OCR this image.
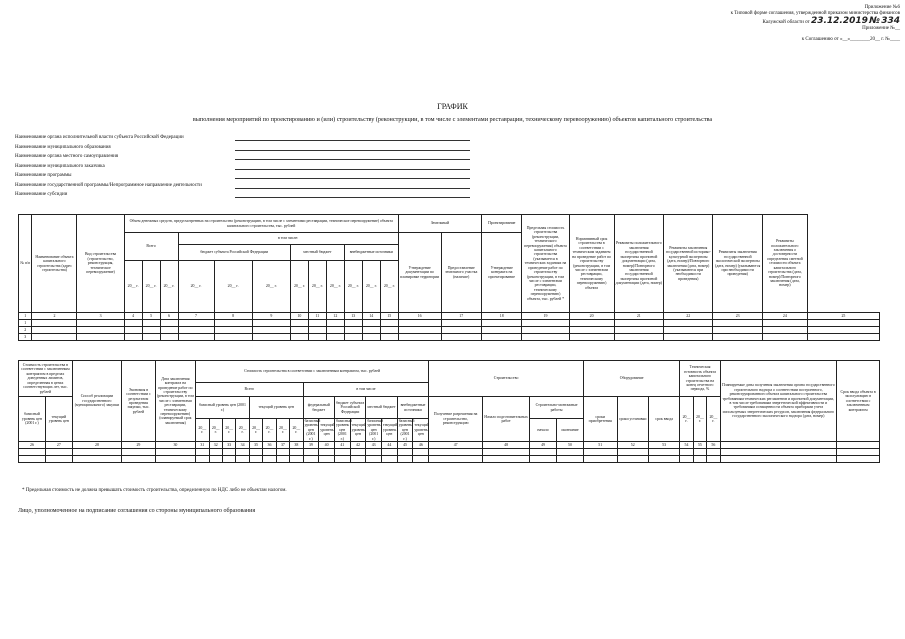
Приложение №6
к Типовой форме соглашения, утвержденной приказом министерства финансов
Калужской области от 23.12.2019 № 334
Приложение №__
к Соглашению от «__»________20__ г. №____
ГРАФИК
выполнения мероприятий по проектированию и (или) строительству (реконструкции, в том числе с элементами реставрации, техническому перевооружению) объектов капитального строительства
Наименование органа исполнительной власти субъекта Российской Федерации
Наименование муниципального образования
Наименование органа местного самоуправления
Наименование муниципального заказчика
Наименование программы
Наименование государственной программы/Непрограммное направление деятельности
Наименование субсидии
№ п/п	Наименование объекта капитального строительства (адрес строительства)	Вид строительства (строительство, реконструкция, техническое перевооружение)	Объем денежных средств, предусмотренных на строительство (реконструкцию, в том числе с элементами реставрации, техническое перевооружение) объекта капитального строительства, тыс. рублей												Земельный		Проектирование	Предельная стоимость строительства (реконструкции, технического перевооружения) объекта капитального строительства (указывается в технических заданиях на проведение работ по строительству (реконструкции, в том числе с элементами реставрации, техническому перевооружению) объекта, тыс. рублей *	Нормативный срок строительства в соответствии с техническим заданием на проведение работ по строительству (реконструкции, в том числе с элементами реставрации, техническому перевооружению) объекта	Реквизиты положительного заключения государственной экспертизы проектной документации (дата, номер)/Повторного заключения государственной экспертизы проектной документации (дата, номер)	Реквизиты заключения государственной историко-культурной экспертизы (дата, номер)/Повторного заключения (дата, номер) (указываются при необходимости проведения)	Реквизиты заключения государственной экологической экспертизы (дата, номер) (указываются при необходимости проведения)	Реквизиты положительного заключения о достоверности определения сметной стоимости объекта капитального строительства (дата, номер)/Повторного заключения (дата, номер)	
			Всего			в том числе:									Утверждение документации по планировке территории	Предоставление земельного участка (наличие)	Утверждение контракта на проектирование							
						бюджет субъекта Российской Федерации			местный бюджет			внебюджетные источники												
			20__ г.	20__ г.	20__ г.	20__ г.	20__ г.	20__ г.	20__ г.	20__ г.	20__ г.	20__ г.	20__ г.	20__ г.										
1	2	3	4	5	6	7	8	9	10	11	12	13	14	15	16	17	18	19	20	21	22	23	24	25
1																								
2																								
3																								
Стоимость строительства в соответствии с заключенным контрактом в пределах доведенных лимитов, определенная в ценах соответствующих лет, тыс. рублей		Способ реализации государственного (муниципального) закупки	Экономия в соответствии с результатом проведения закупки, тыс. рублей	Дата заключения контракта на проведение работ по строительству (реконструкции, в том числе с элементами реставрации, техническому перевооружению) (планируемый срок заключения)	Стоимость строительства в соответствии с заключенным контрактом, тыс. рублей																Строительство				Оборудование			Техническая готовность объекта капитального строительства на конец отчетного периода, %			Планируемые даты получения заключения органа государственного строительного надзора о соответствии построенного, реконструированного объекта капитального строительства требованиям технических регламентов и проектной документации, в том числе требованиям энергетической эффективности и требованиям оснащенности объекта приборами учета используемых энергетических ресурсов, заключения федерального государственного экологического надзора (дата, номер)	Срок ввода объекта в эксплуатацию в соответствии с заключенным контрактом
					Всего								в том числе																			
базисный уровень цен (2001 г.)	текущий уровень цен				базисный уровень цен (2001 г.)				текущий уровень цен				федеральный бюджет		бюджет субъекта Российской Федерации		местный бюджет		внебюджетные источники		Получение разрешения на строительство, реконструкцию	Начало подготовительных работ	Строительно-монтажные работы		сроки приобретения	сроки установки	срок ввода	20__ г.	20__ г.	20__ г.		
					20__ г.	20__ г.	20__ г.	20__ г.	20__ г.	20__ г.	20__ г.	20__ г.	базисный уровень цен (2001 г.)	текущий уровень цен	базисный уровень цен (2001 г.)	текущий уровень цен	базисный уровень цен (2001 г.)	текущий уровень цен	базисный уровень цен (2001 г.)	текущий уровень цен			начало	окончание								
26	27	28	29	30	31	32	33	34	35	36	37	38	39	40	41	42	43	44	45	46	47	48	49	50	51	52	53	54	55	56		

* Предельная стоимость не должна превышать стоимость строительства, определенную по НДС либо не объектам налогом.
Лицо, уполномоченное на подписание соглашения со стороны муниципального образования
